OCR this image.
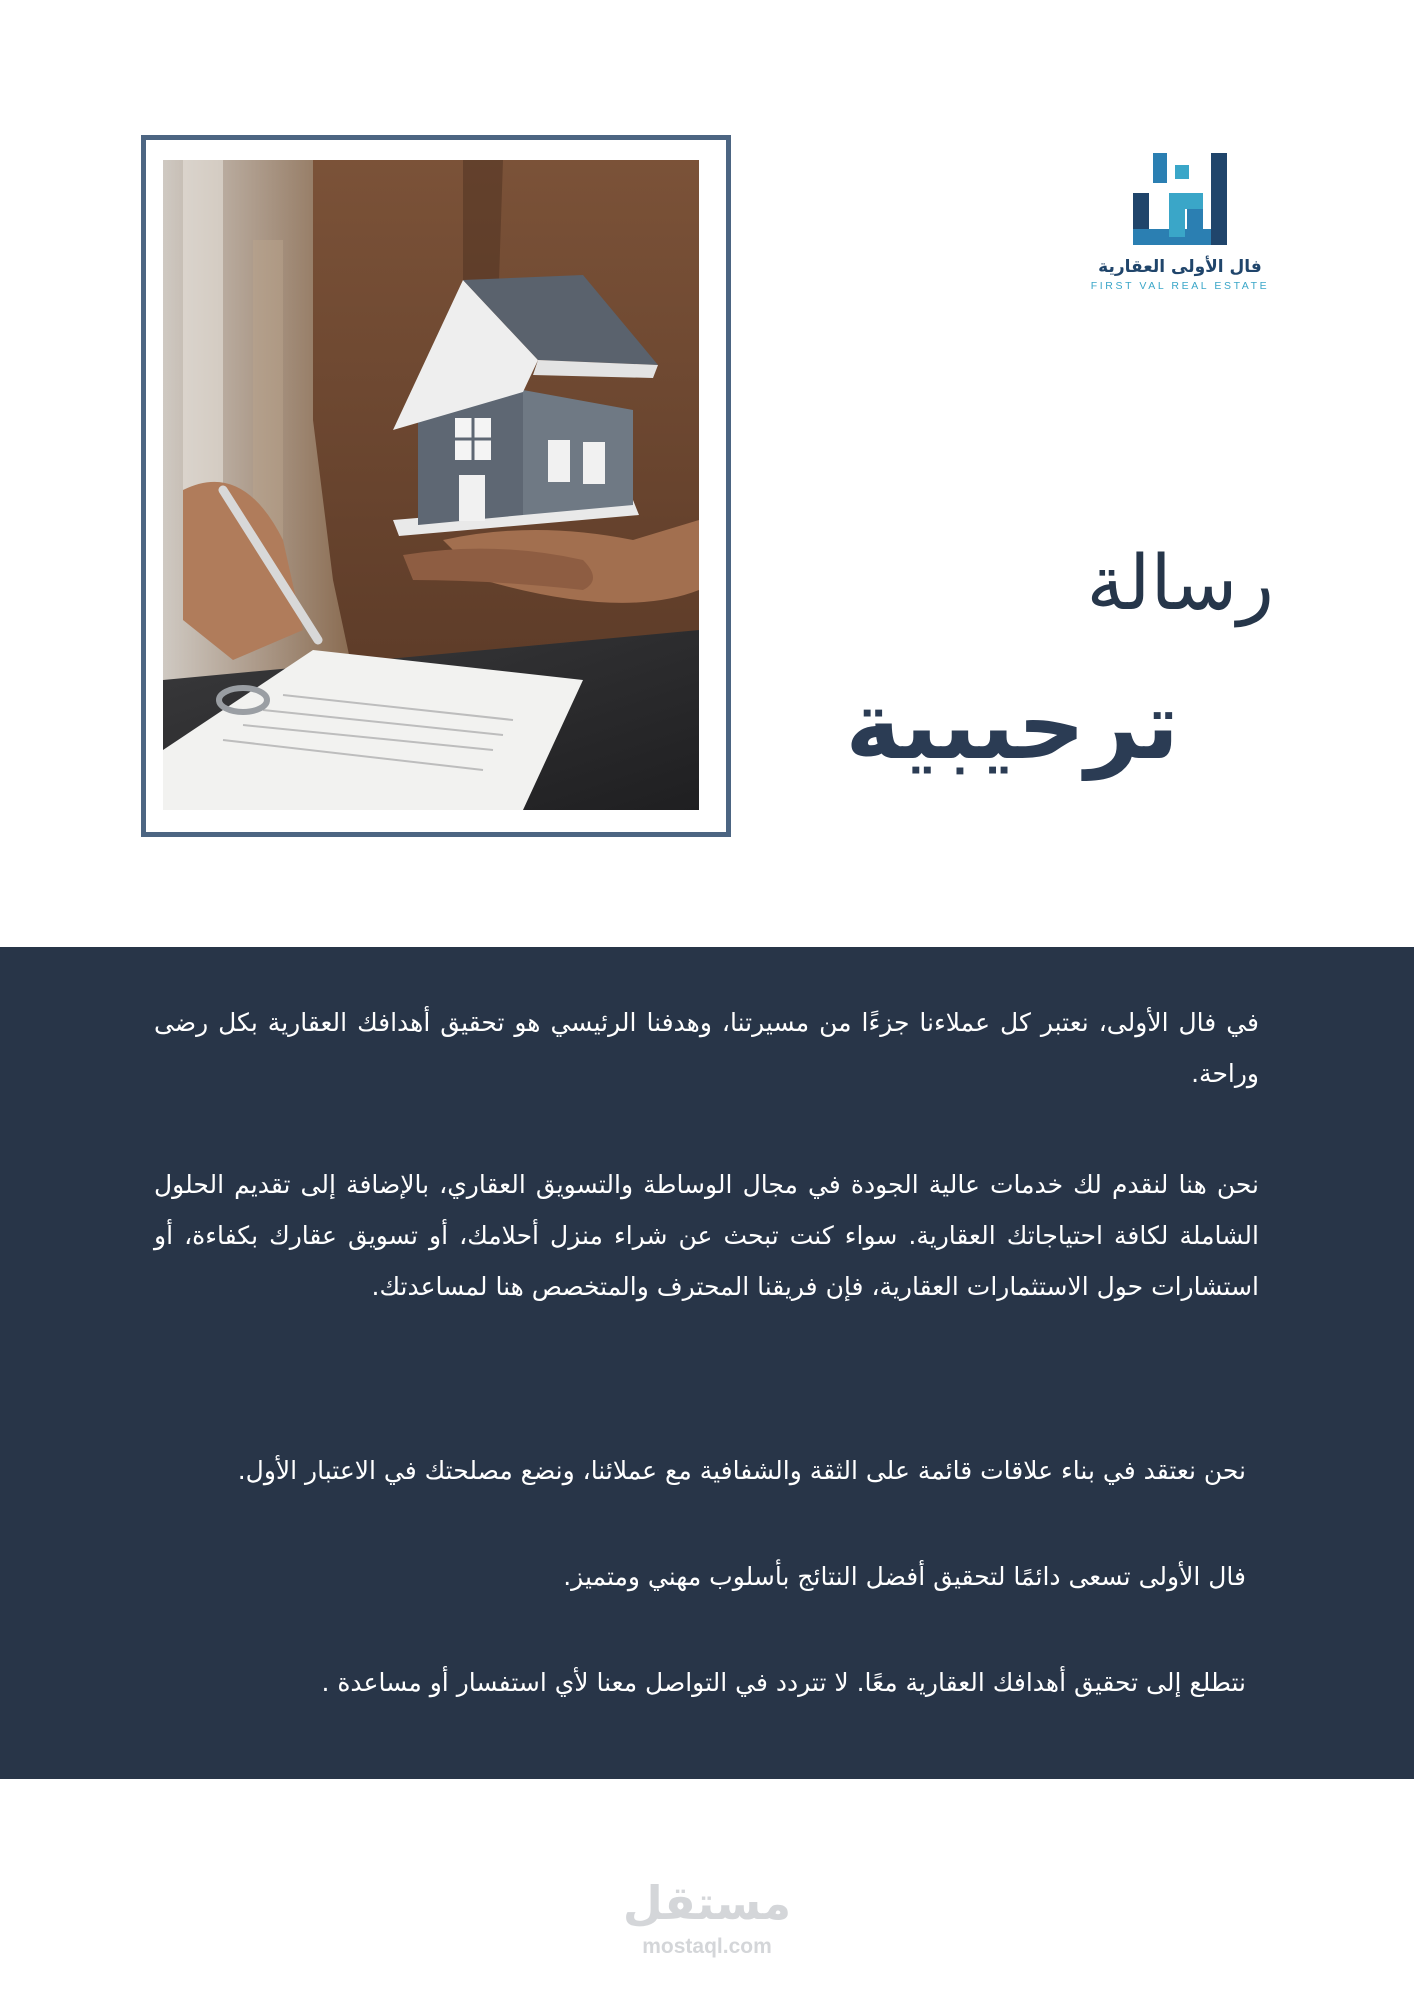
فال الأولى العقارية
FIRST VAL REAL ESTATE
رسالة
ترحيبية

في فال الأولى، نعتبر كل عملاءنا جزءًا من مسيرتنا، وهدفنا الرئيسي هو تحقيق أهدافك العقارية بكل رضى وراحة.

نحن هنا لنقدم لك خدمات عالية الجودة في مجال الوساطة والتسويق العقاري، بالإضافة إلى تقديم الحلول الشاملة لكافة احتياجاتك العقارية. سواء كنت تبحث عن شراء منزل أحلامك، أو تسويق عقارك بكفاءة، أو استشارات حول الاستثمارات العقارية، فإن فريقنا المحترف والمتخصص هنا لمساعدتك.

نحن نعتقد في بناء علاقات قائمة على الثقة والشفافية مع عملائنا، ونضع مصلحتك في الاعتبار الأول.

فال الأولى تسعى دائمًا لتحقيق أفضل النتائج بأسلوب مهني ومتميز.

نتطلع إلى تحقيق أهدافك العقارية معًا. لا تتردد في التواصل معنا لأي استفسار أو مساعدة .

مستقل
mostaql.com
